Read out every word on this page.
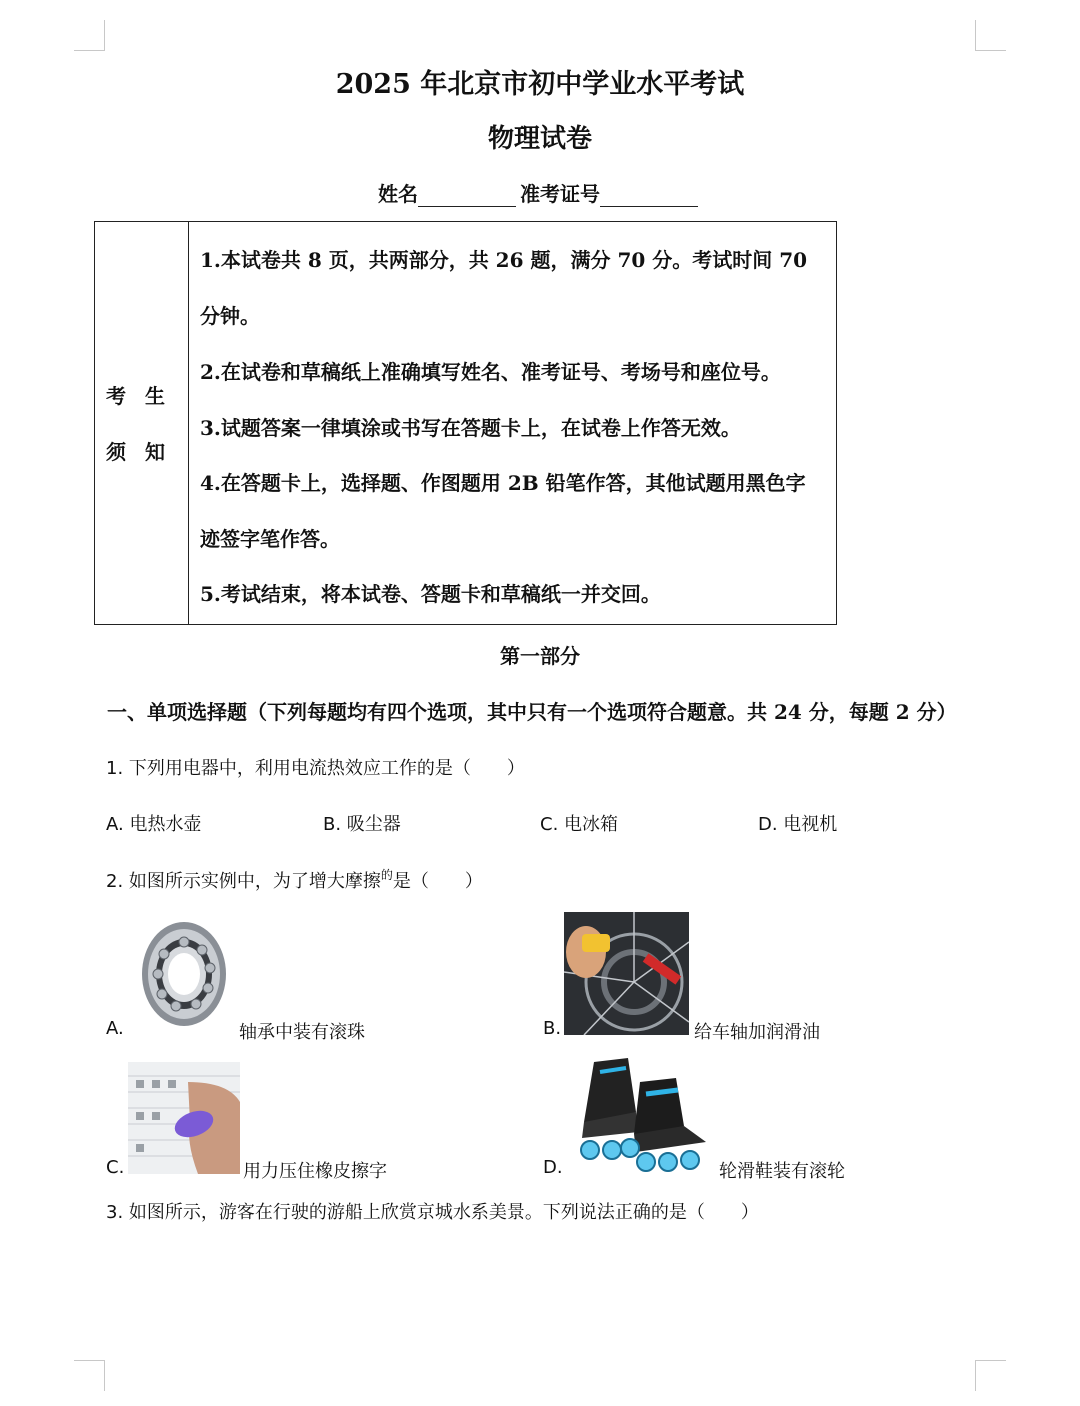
2025 年北京市初中学业水平考试
物理试卷
姓名	准考证号
考 生 须 知
1.本试卷共 8 页，共两部分，共 26 题，满分 70 分。考试时间 70
分钟。
2.在试卷和草稿纸上准确填写姓名、准考证号、考场号和座位号。
3.试题答案一律填涂或书写在答题卡上，在试卷上作答无效。
4.在答题卡上，选择题、作图题用 2B 铅笔作答，其他试题用黑色字
迹签字笔作答。
5.考试结束，将本试卷、答题卡和草稿纸一并交回。
第一部分
一、单项选择题（下列每题均有四个选项，其中只有一个选项符合题意。共 24 分，每题 2 分）
1. 下列用电器中，利用电流热效应工作的是（　　）
A. 电热水壶	B. 吸尘器	C. 电冰箱	D. 电视机
2. 如图所示实例中，为了增大摩擦$^的$是（　　）
A.	轴承中装有滚珠	B.	给车轴加润滑油
C.	用力压住橡皮擦字	D.	轮滑鞋装有滚轮
3. 如图所示，游客在行驶的游船上欣赏京城水系美景。下列说法正确的是（　　）
